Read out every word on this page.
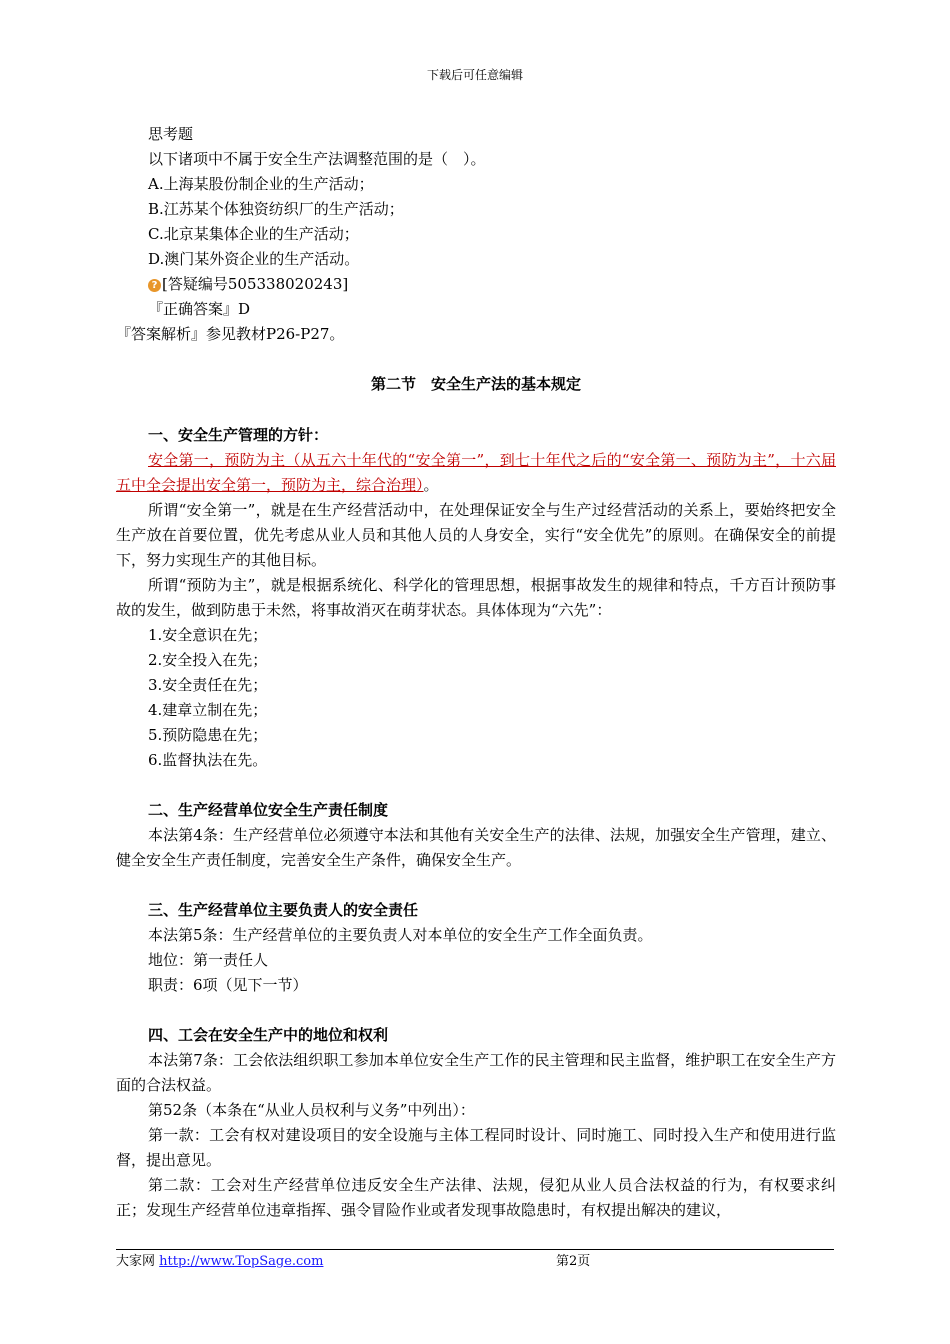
下载后可任意编辑

思考题

以下诸项中不属于安全生产法调整范围的是（　）。

A.上海某股份制企业的生产活动；

B.江苏某个体独资纺织厂的生产活动；

C.北京某集体企业的生产活动；

D.澳门某外资企业的生产活动。

? [答疑编号505338020243]

『正确答案』D

『答案解析』参见教材P26-P27。

第二节　安全生产法的基本规定

一、安全生产管理的方针：

安全第一，预防为主（从五六十年代的“安全第一”，到七十年代之后的“安全第一、预防为主”，十六届五中全会提出安全第一，预防为主，综合治理）。

所谓“安全第一”，就是在生产经营活动中，在处理保证安全与生产过经营活动的关系上，要始终把安全生产放在首要位置，优先考虑从业人员和其他人员的人身安全，实行“安全优先”的原则。在确保安全的前提下，努力实现生产的其他目标。

所谓“预防为主”，就是根据系统化、科学化的管理思想，根据事故发生的规律和特点，千方百计预防事故的发生，做到防患于未然，将事故消灭在萌芽状态。具体体现为“六先”：

1.安全意识在先；

2.安全投入在先；

3.安全责任在先；

4.建章立制在先；

5.预防隐患在先；

6.监督执法在先。

二、生产经营单位安全生产责任制度

本法第4条：生产经营单位必须遵守本法和其他有关安全生产的法律、法规，加强安全生产管理，建立、健全安全生产责任制度，完善安全生产条件，确保安全生产。

三、生产经营单位主要负责人的安全责任

本法第5条：生产经营单位的主要负责人对本单位的安全生产工作全面负责。

地位：第一责任人

职责：6项（见下一节）

四、工会在安全生产中的地位和权利

本法第7条：工会依法组织职工参加本单位安全生产工作的民主管理和民主监督，维护职工在安全生产方面的合法权益。

第52条（本条在“从业人员权利与义务”中列出）：

第一款：工会有权对建设项目的安全设施与主体工程同时设计、同时施工、同时投入生产和使用进行监督，提出意见。

第二款：工会对生产经营单位违反安全生产法律、法规，侵犯从业人员合法权益的行为，有权要求纠正；发现生产经营单位违章指挥、强令冒险作业或者发现事故隐患时，有权提出解决的建议，

大家网 http://www.TopSage.com	第2页
